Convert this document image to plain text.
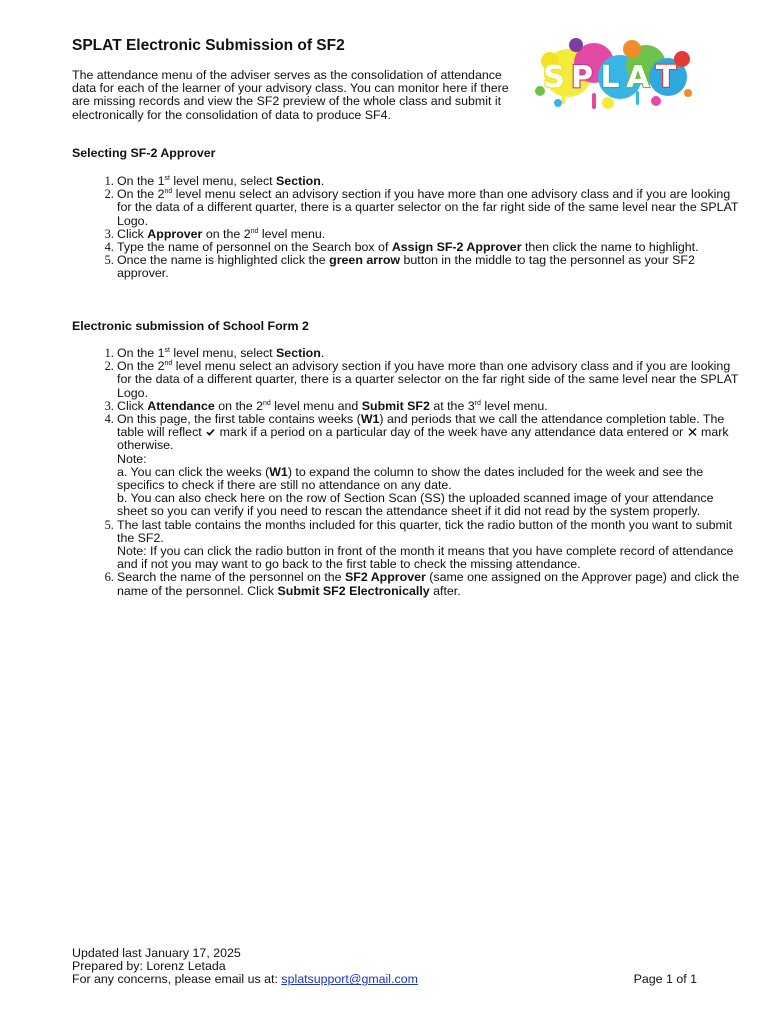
SPLAT Electronic Submission of SF2

The attendance menu of the adviser serves as the consolidation of attendance data for each of the learner of your advisory class. You can monitor here if there are missing records and view the SF2 preview of the whole class and submit it electronically for the consolidation of data to produce SF4.

S P L A T

Selecting SF-2 Approver

1. On the 1st level menu, select Section.
2. On the 2nd level menu select an advisory section if you have more than one advisory class and if you are looking for the data of a different quarter, there is a quarter selector on the far right side of the same level near the SPLAT Logo.
3. Click Approver on the 2nd level menu.
4. Type the name of personnel on the Search box of Assign SF-2 Approver then click the name to highlight.
5. Once the name is highlighted click the green arrow button in the middle to tag the personnel as your SF2 approver.

Electronic submission of School Form 2

1. On the 1st level menu, select Section.
2. On the 2nd level menu select an advisory section if you have more than one advisory class and if you are looking for the data of a different quarter, there is a quarter selector on the far right side of the same level near the SPLAT Logo.
3. Click Attendance on the 2nd level menu and Submit SF2 at the 3rd level menu.
4. On this page, the first table contains weeks (W1) and periods that we call the attendance completion table. The table will reflect  mark if a period on a particular day of the week have any attendance data entered or  mark otherwise.
Note:
a. You can click the weeks (W1) to expand the column to show the dates included for the week and see the specifics to check if there are still no attendance on any date.
b. You can also check here on the row of Section Scan (SS) the uploaded scanned image of your attendance sheet so you can verify if you need to rescan the attendance sheet if it did not read by the system properly.
5. The last table contains the months included for this quarter, tick the radio button of the month you want to submit the SF2.
Note: If you can click the radio button in front of the month it means that you have complete record of attendance and if not you may want to go back to the first table to check the missing attendance.
6. Search the name of the personnel on the SF2 Approver (same one assigned on the Approver page) and click the name of the personnel. Click Submit SF2 Electronically after.
Updated last January 17, 2025
Prepared by: Lorenz Letada
For any concerns, please email us at: splatsupport@gmail.com	Page 1 of 1
